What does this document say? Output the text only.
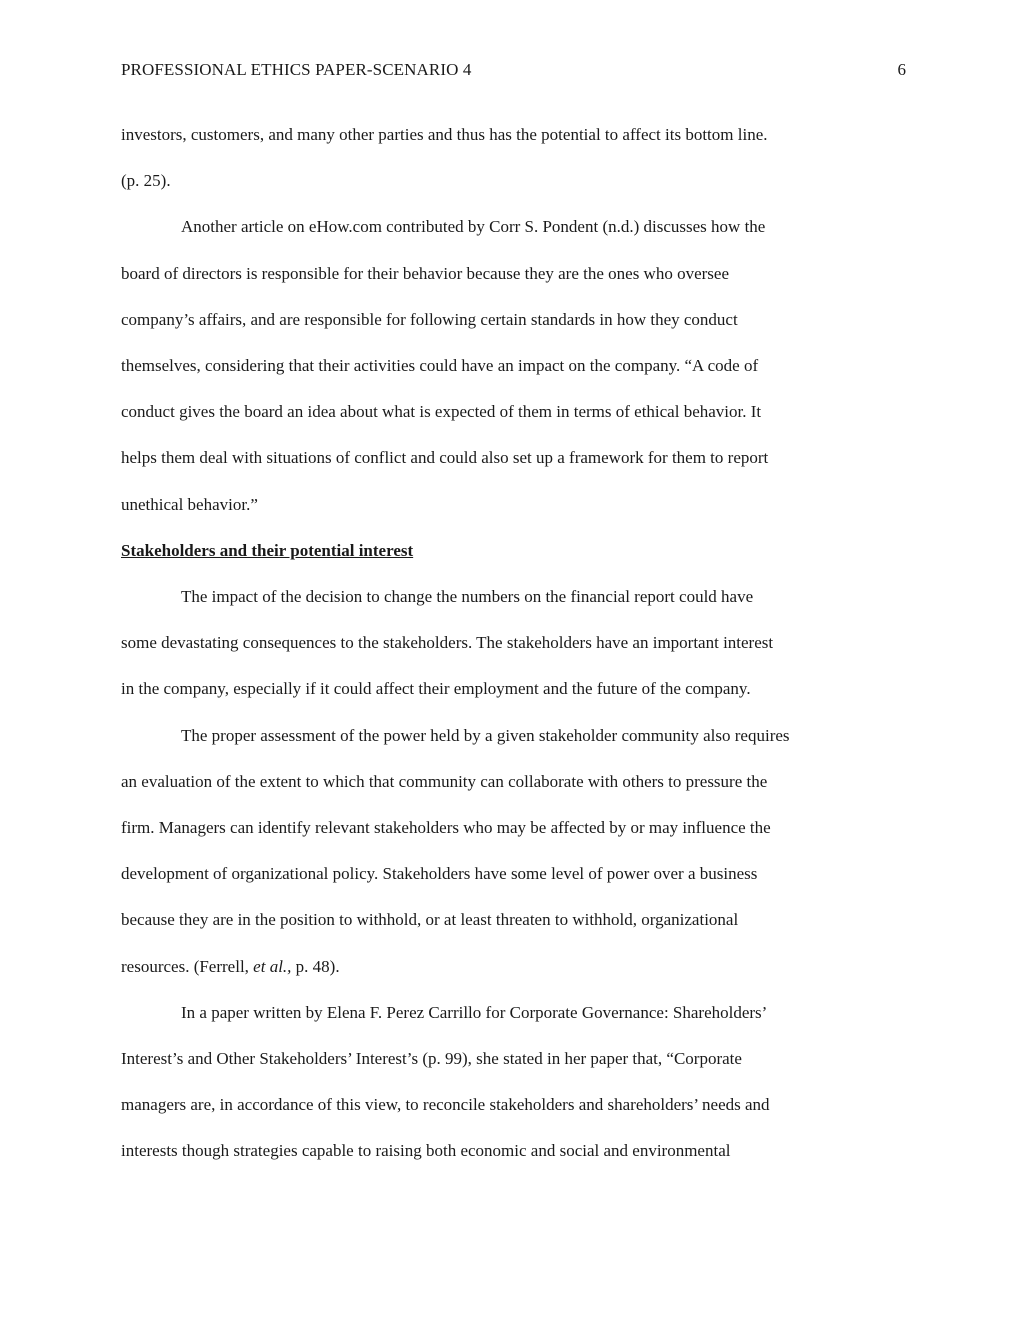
PROFESSIONAL ETHICS PAPER-SCENARIO 4	6
investors, customers, and many other parties and thus has the potential to affect its bottom line.
(p. 25).
Another article on eHow.com contributed by Corr S. Pondent (n.d.) discusses how the
board of directors is responsible for their behavior because they are the ones who oversee
company’s affairs, and are responsible for following certain standards in how they conduct
themselves, considering that their activities could have an impact on the company. “A code of
conduct gives the board an idea about what is expected of them in terms of ethical behavior. It
helps them deal with situations of conflict and could also set up a framework for them to report
unethical behavior.”
Stakeholders and their potential interest
The impact of the decision to change the numbers on the financial report could have
some devastating consequences to the stakeholders. The stakeholders have an important interest
in the company, especially if it could affect their employment and the future of the company.
The proper assessment of the power held by a given stakeholder community also requires
an evaluation of the extent to which that community can collaborate with others to pressure the
firm. Managers can identify relevant stakeholders who may be affected by or may influence the
development of organizational policy. Stakeholders have some level of power over a business
because they are in the position to withhold, or at least threaten to withhold, organizational
resources. (Ferrell, et al., p. 48).
In a paper written by Elena F. Perez Carrillo for Corporate Governance: Shareholders’
Interest’s and Other Stakeholders’ Interest’s (p. 99), she stated in her paper that, “Corporate
managers are, in accordance of this view, to reconcile stakeholders and shareholders’ needs and
interests though strategies capable to raising both economic and social and environmental
